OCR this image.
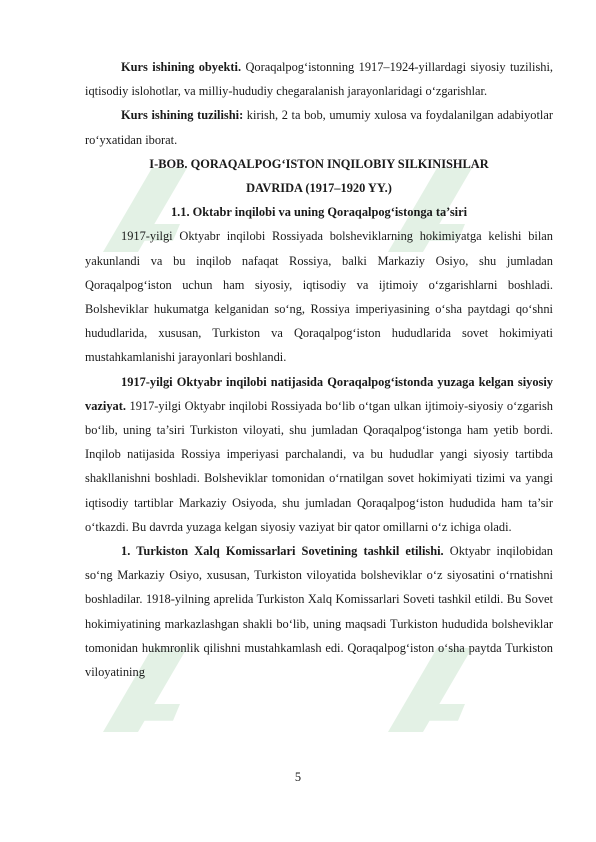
Kurs ishining obyekti. Qoraqalpog‘istonning 1917–1924-yillardagi siyosiy tuzilishi, iqtisodiy islohotlar, va milliy-hududiy chegaralanish jarayonlaridagi o‘zgarishlar.

Kurs ishining tuzilishi: kirish, 2 ta bob, umumiy xulosa va foydalanilgan adabiyotlar ro‘yxatidan iborat.

I-BOB. QORAQALPOG‘ISTON INQILOBIY SILKINISHLAR

DAVRIDA (1917–1920 YY.)

1.1. Oktabr inqilobi va uning Qoraqalpog‘istonga ta’siri

1917-yilgi Oktyabr inqilobi Rossiyada bolsheviklarning hokimiyatga kelishi bilan yakunlandi va bu inqilob nafaqat Rossiya, balki Markaziy Osiyo, shu jumladan Qoraqalpog‘iston uchun ham siyosiy, iqtisodiy va ijtimoiy o‘zgarishlarni boshladi. Bolsheviklar hukumatga kelganidan so‘ng, Rossiya imperiyasining o‘sha paytdagi qo‘shni hududlarida, xususan, Turkiston va Qoraqalpog‘iston hududlarida sovet hokimiyati mustahkamlanishi jarayonlari boshlandi.

1917-yilgi Oktyabr inqilobi natijasida Qoraqalpog‘istonda yuzaga kelgan siyosiy vaziyat. 1917-yilgi Oktyabr inqilobi Rossiyada bo‘lib o‘tgan ulkan ijtimoiy-siyosiy o‘zgarish bo‘lib, uning ta’siri Turkiston viloyati, shu jumladan Qoraqalpog‘istonga ham yetib bordi. Inqilob natijasida Rossiya imperiyasi parchalandi, va bu hududlar yangi siyosiy tartibda shakllanishni boshladi. Bolsheviklar tomonidan o‘rnatilgan sovet hokimiyati tizimi va yangi iqtisodiy tartiblar Markaziy Osiyoda, shu jumladan Qoraqalpog‘iston hududida ham ta’sir o‘tkazdi. Bu davrda yuzaga kelgan siyosiy vaziyat bir qator omillarni o‘z ichiga oladi.

1. Turkiston Xalq Komissarlari Sovetining tashkil etilishi. Oktyabr inqilobidan so‘ng Markaziy Osiyo, xususan, Turkiston viloyatida bolsheviklar o‘z siyosatini o‘rnatishni boshladilar. 1918-yilning aprelida Turkiston Xalq Komissarlari Soveti tashkil etildi. Bu Sovet hokimiyatining markazlashgan shakli bo‘lib, uning maqsadi Turkiston hududida bolsheviklar tomonidan hukmronlik qilishni mustahkamlash edi. Qoraqalpog‘iston o‘sha paytda Turkiston viloyatining

5
